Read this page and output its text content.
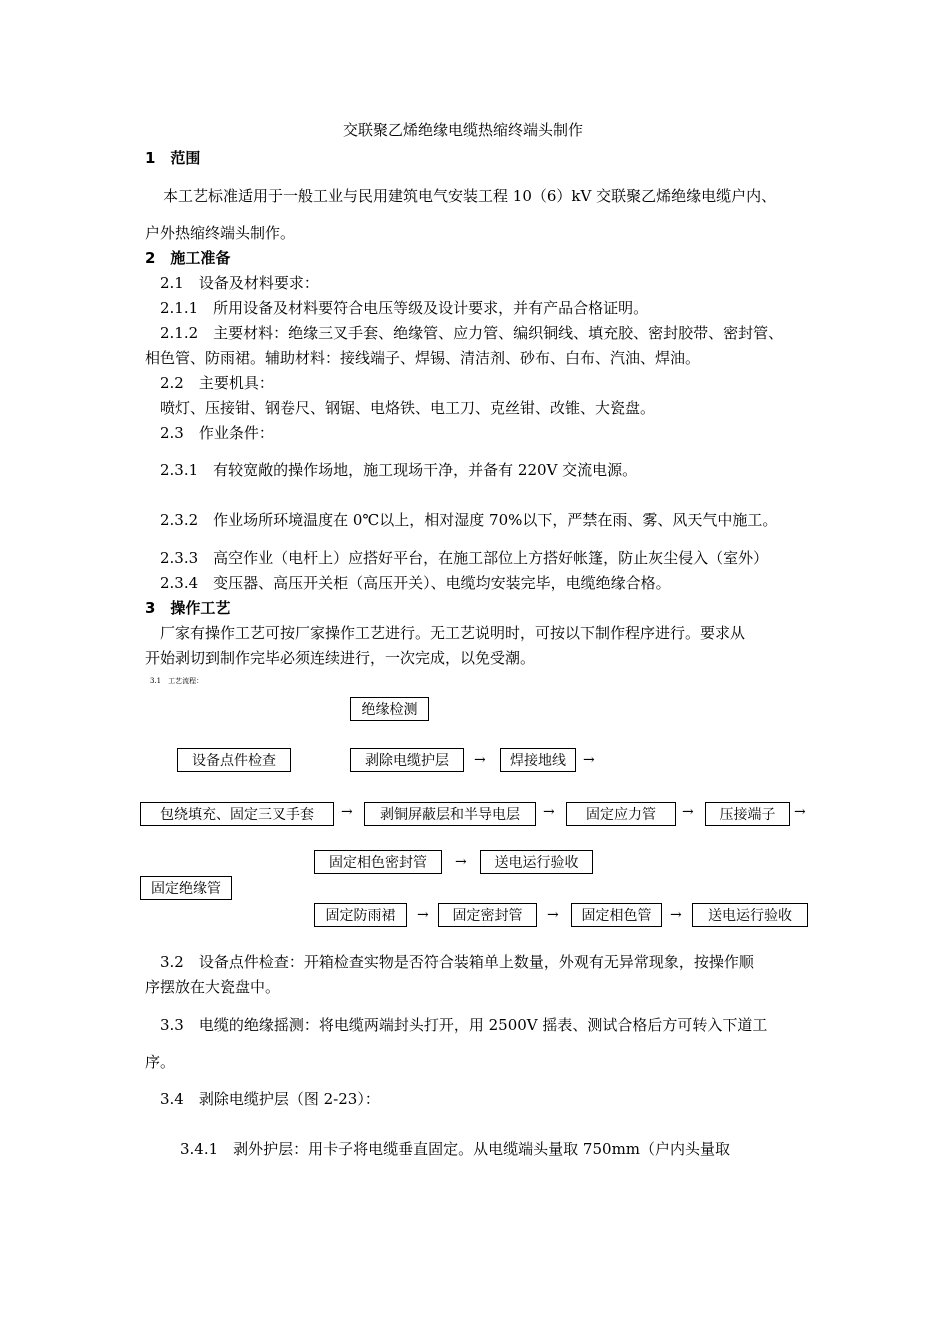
交联聚乙烯绝缘电缆热缩终端头制作
1　范围
本工艺标准适用于一般工业与民用建筑电气安装工程 10（6）kV 交联聚乙烯绝缘电缆户内、
户外热缩终端头制作。
2　施工准备
2.1　设备及材料要求：
2.1.1　所用设备及材料要符合电压等级及设计要求，并有产品合格证明。
2.1.2　主要材料：绝缘三叉手套、绝缘管、应力管、编织铜线、填充胶、密封胶带、密封管、
相色管、防雨裙。辅助材料：接线端子、焊锡、清洁剂、砂布、白布、汽油、焊油。
2.2　主要机具：
喷灯、压接钳、钢卷尺、钢锯、电烙铁、电工刀、克丝钳、改锥、大瓷盘。
2.3　作业条件：
2.3.1　有较宽敞的操作场地，施工现场干净，并备有 220V 交流电源。
2.3.2　作业场所环境温度在 0℃以上，相对湿度 70%以下，严禁在雨、雾、风天气中施工。
2.3.3　高空作业（电杆上）应搭好平台，在施工部位上方搭好帐篷，防止灰尘侵入（室外）
2.3.4　变压器、高压开关柜（高压开关）、电缆均安装完毕，电缆绝缘合格。
3　操作工艺
厂家有操作工艺可按厂家操作工艺进行。无工艺说明时，可按以下制作程序进行。要求从
开始剥切到制作完毕必须连续进行，一次完成，以免受潮。
3.1　工艺流程：
绝缘检测
设备点件检查	剥除电缆护层	→	焊接地线	→
包绕填充、固定三叉手套	→	剥铜屏蔽层和半导电层	→	固定应力管	→	压接端子	→
固定相色密封管	→	送电运行验收
固定绝缘管
固定防雨裙	→	固定密封管	→	固定相色管	→	送电运行验收
3.2　设备点件检查：开箱检查实物是否符合装箱单上数量，外观有无异常现象，按操作顺
序摆放在大瓷盘中。
3.3　电缆的绝缘摇测：将电缆两端封头打开，用 2500V 摇表、测试合格后方可转入下道工
序。
3.4　剥除电缆护层（图 2-23）：
3.4.1　剥外护层：用卡子将电缆垂直固定。从电缆端头量取 750mm（户内头量取
